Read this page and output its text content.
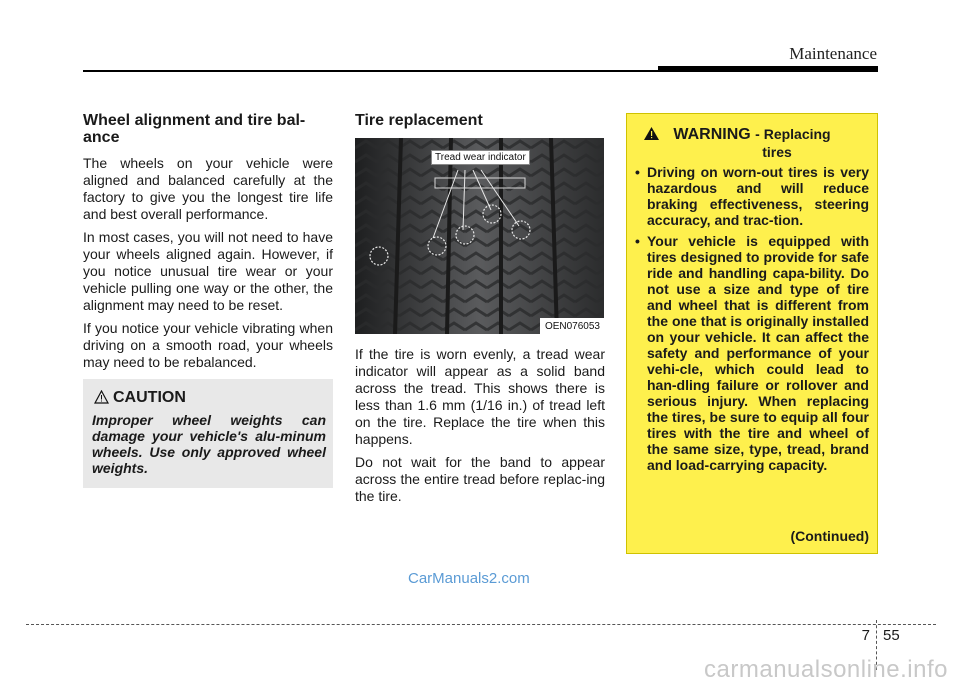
Maintenance
Wheel alignment and tire bal-
ance

The wheels on your vehicle were aligned and balanced carefully at the factory to give you the longest tire life and best overall performance.

In most cases, you will not need to have your wheels aligned again. However, if you notice unusual tire wear or your vehicle pulling one way or the other, the alignment may need to be reset.

If you notice your vehicle vibrating when driving on a smooth road, your wheels may need to be rebalanced.

CAUTION
Improper wheel weights can damage your vehicle's alu-minum wheels. Use only approved wheel weights.
Tire replacement
Tread wear indicator
OEN076053

If the tire is worn evenly, a tread wear indicator will appear as a solid band across the tread. This shows there is less than 1.6 mm (1/16 in.) of tread left on the tire. Replace the tire when this happens.

Do not wait for the band to appear across the entire tread before replac-ing the tire.

WARNING - Replacing
tires
• Driving on worn-out tires is very hazardous and will reduce braking effectiveness, steering accuracy, and trac-tion.
• Your vehicle is equipped with tires designed to provide for safe ride and handling capa-bility. Do not use a size and type of tire and wheel that is different from the one that is originally installed on your vehicle. It can affect the safety and performance of your vehi-cle, which could lead to han-dling failure or rollover and serious injury. When replacing the tires, be sure to equip all four tires with the tire and wheel of the same size, type, tread, brand and load-carrying capacity.
(Continued)
CarManuals2.com
7 55
carmanualsonline.info
